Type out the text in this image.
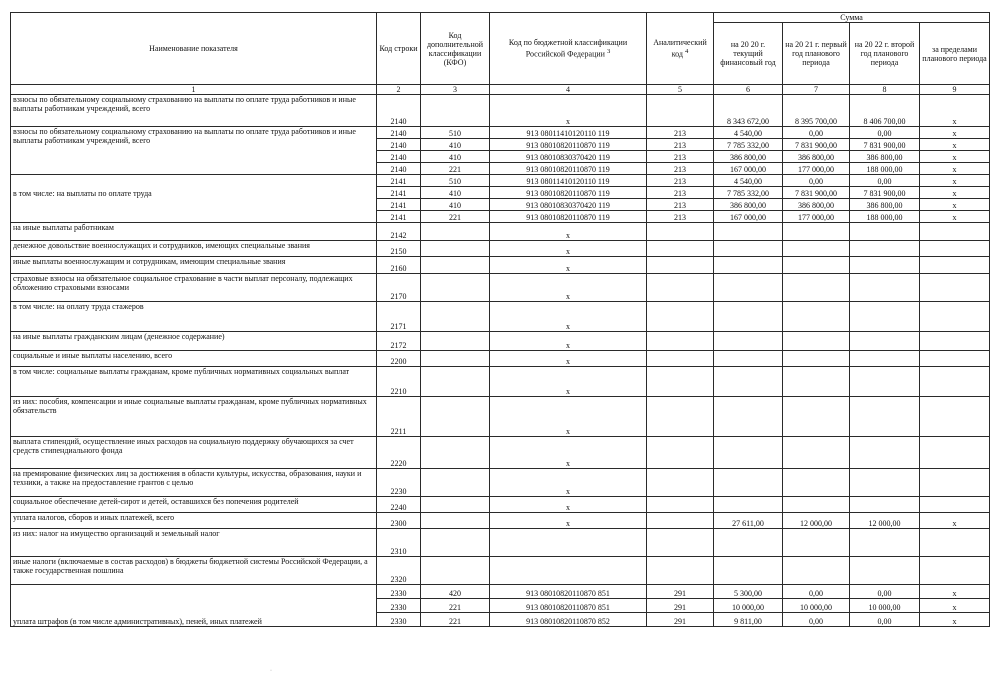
Наименование показателя	Код строки	Код дополнительной классификации (КФО)	Код по бюджетной классификации Российской Федерации $^3$	Аналитический код $^4$	Сумма			
					на 20 20 г. текущий финансовый год	на 20 21 г. первый год планового периода	на 20 22 г. второй год планового периода	за пределами планового периода
1	2	3	4	5	6	7	8	9
взносы по обязательному социальному страхованию на выплаты по оплате труда работников и иные выплаты работникам учреждений, всего	2140		x		8 343 672,00	8 395 700,00	8 406 700,00	x
взносы по обязательному социальному страхованию на выплаты по оплате труда работников и иные выплаты работникам учреждений, всего	2140	510	913 08011410120110 119	213	4 540,00	0,00	0,00	x
	2140	410	913 08010820110870 119	213	7 785 332,00	7 831 900,00	7 831 900,00	x
	2140	410	913 08010830370420 119	213	386 800,00	386 800,00	386 800,00	x
	2140	221	913 08010820110870 119	213	167 000,00	177 000,00	188 000,00	x
в том числе: на выплаты по оплате труда	2141	510	913 08011410120110 119	213	4 540,00	0,00	0,00	x
	2141	410	913 08010820110870 119	213	7 785 332,00	7 831 900,00	7 831 900,00	x
	2141	410	913 08010830370420 119	213	386 800,00	386 800,00	386 800,00	x
	2141	221	913 08010820110870 119	213	167 000,00	177 000,00	188 000,00	x
на иные выплаты работникам	2142		x					
денежное довольствие военнослужащих и сотрудников, имеющих специальные звания	2150		x					
иные выплаты военнослужащим и сотрудникам, имеющим специальные звания	2160		x					
страховые взносы на обязательное социальное страхование в части выплат персоналу, подлежащих обложению страховыми взносами	2170		x					
в том числе: на оплату труда стажеров	2171		x					
на иные выплаты гражданским лицам (денежное содержание)	2172		x					
социальные и иные выплаты населению, всего	2200		x					
в том числе: социальные выплаты гражданам, кроме публичных нормативных социальных выплат	2210		x					
из них: пособия, компенсации и иные социальные выплаты гражданам, кроме публичных нормативных обязательств	2211		x					
выплата стипендий, осуществление иных расходов на социальную поддержку обучающихся за счет средств стипендиального фонда	2220		x					
на премирование физических лиц за достижения в области культуры, искусства, образования, науки и техники, а также на предоставление грантов с целью	2230		x					
социальное обеспечение детей-сирот и детей, оставшихся без попечения родителей	2240		x					
уплата налогов, сборов и иных платежей, всего	2300		x		27 611,00	12 000,00	12 000,00	x
из них: налог на имущество организаций и земельный налог	2310							
иные налоги (включаемые в состав расходов) в бюджеты бюджетной системы Российской Федерации, а также государственная пошлина	2320							
уплата штрафов (в том числе административных), пеней, иных платежей	2330	420	913 08010820110870 851	291	5 300,00	0,00	0,00	x
	2330	221	913 08010820110870 851	291	10 000,00	10 000,00	10 000,00	x
	2330	221	913 08010820110870 852	291	9 811,00	0,00	0,00	x
·
